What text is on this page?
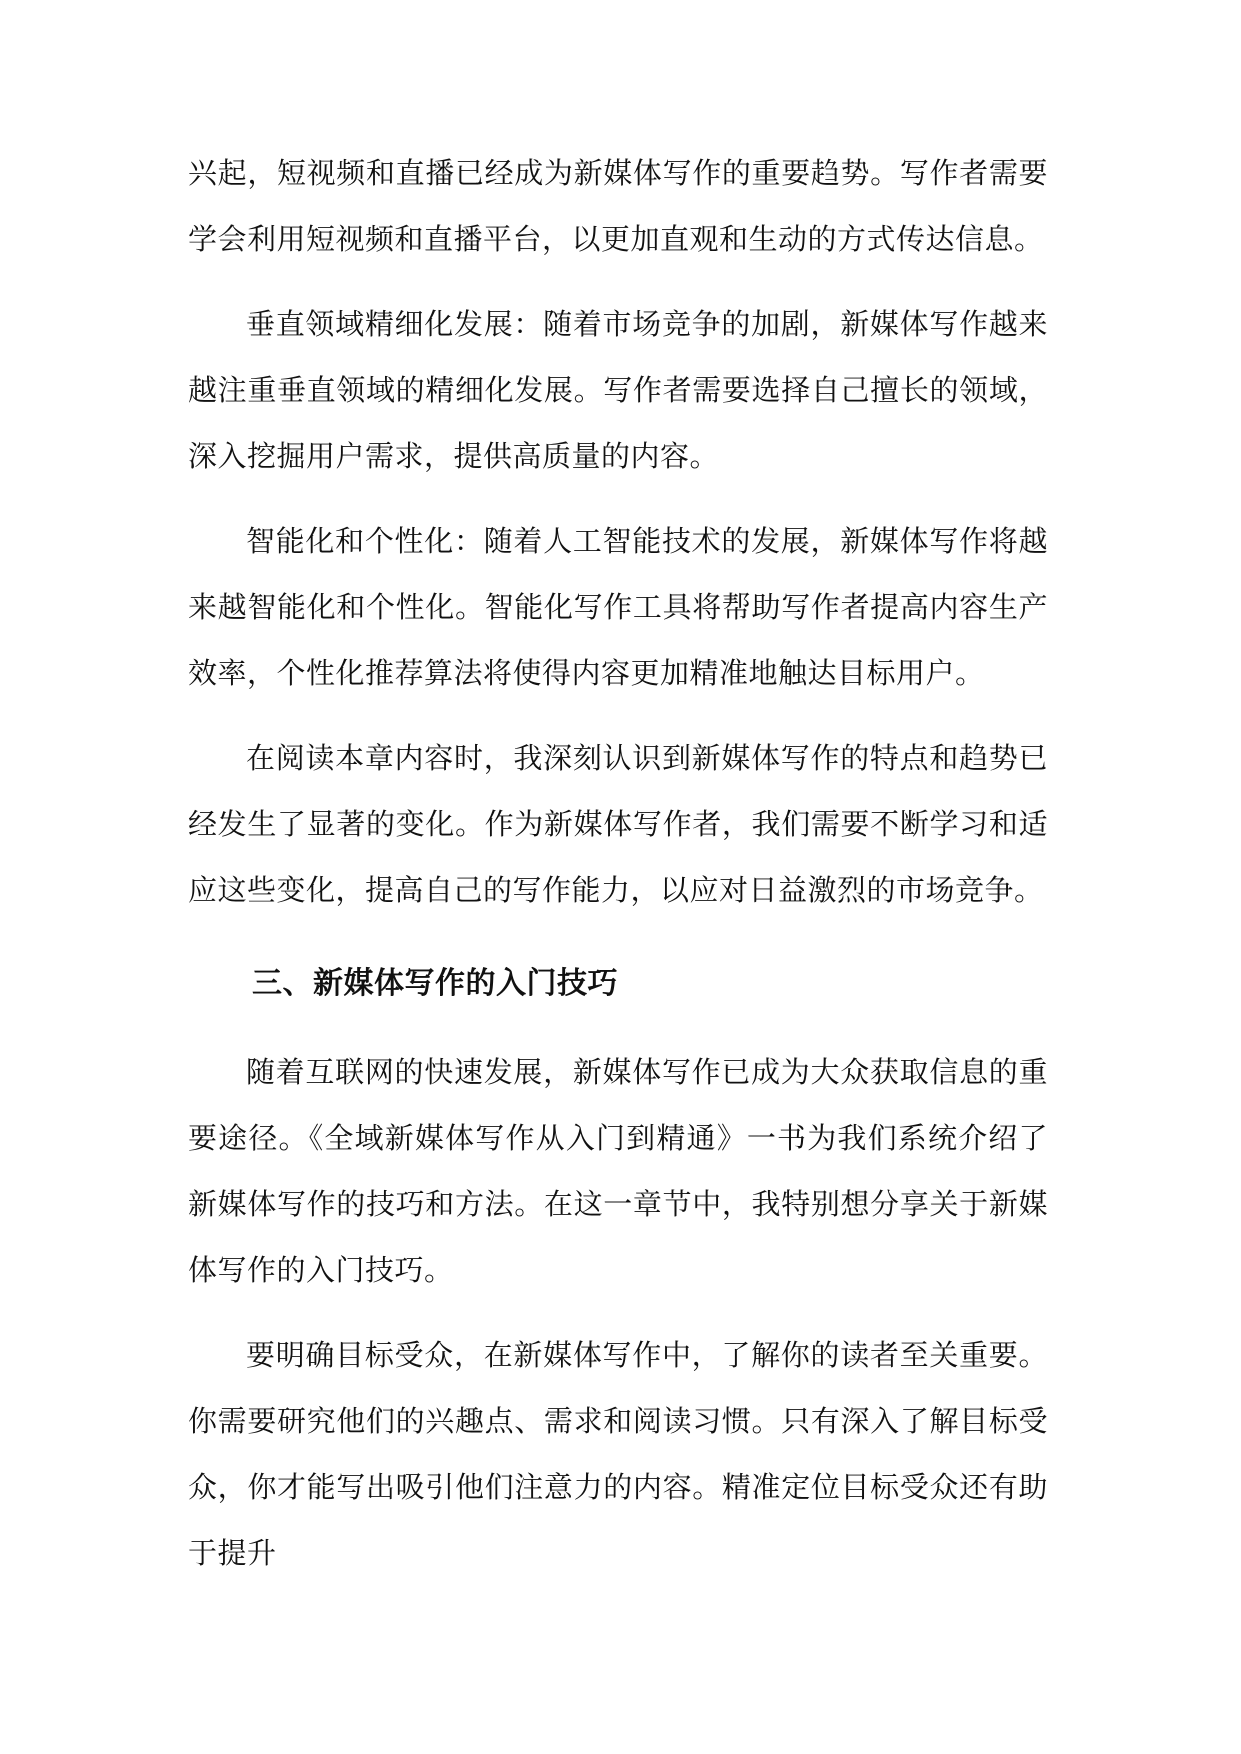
兴起，短视频和直播已经成为新媒体写作的重要趋势。写作者需要学会利用短视频和直播平台，以更加直观和生动的方式传达信息。

垂直领域精细化发展：随着市场竞争的加剧，新媒体写作越来越注重垂直领域的精细化发展。写作者需要选择自己擅长的领域，深入挖掘用户需求，提供高质量的内容。

智能化和个性化：随着人工智能技术的发展，新媒体写作将越来越智能化和个性化。智能化写作工具将帮助写作者提高内容生产效率，个性化推荐算法将使得内容更加精准地触达目标用户。

在阅读本章内容时，我深刻认识到新媒体写作的特点和趋势已经发生了显著的变化。作为新媒体写作者，我们需要不断学习和适应这些变化，提高自己的写作能力，以应对日益激烈的市场竞争。

三、新媒体写作的入门技巧

随着互联网的快速发展，新媒体写作已成为大众获取信息的重要途径。《全域新媒体写作从入门到精通》一书为我们系统介绍了新媒体写作的技巧和方法。在这一章节中，我特别想分享关于新媒体写作的入门技巧。

要明确目标受众，在新媒体写作中，了解你的读者至关重要。你需要研究他们的兴趣点、需求和阅读习惯。只有深入了解目标受众，你才能写出吸引他们注意力的内容。精准定位目标受众还有助于提升
